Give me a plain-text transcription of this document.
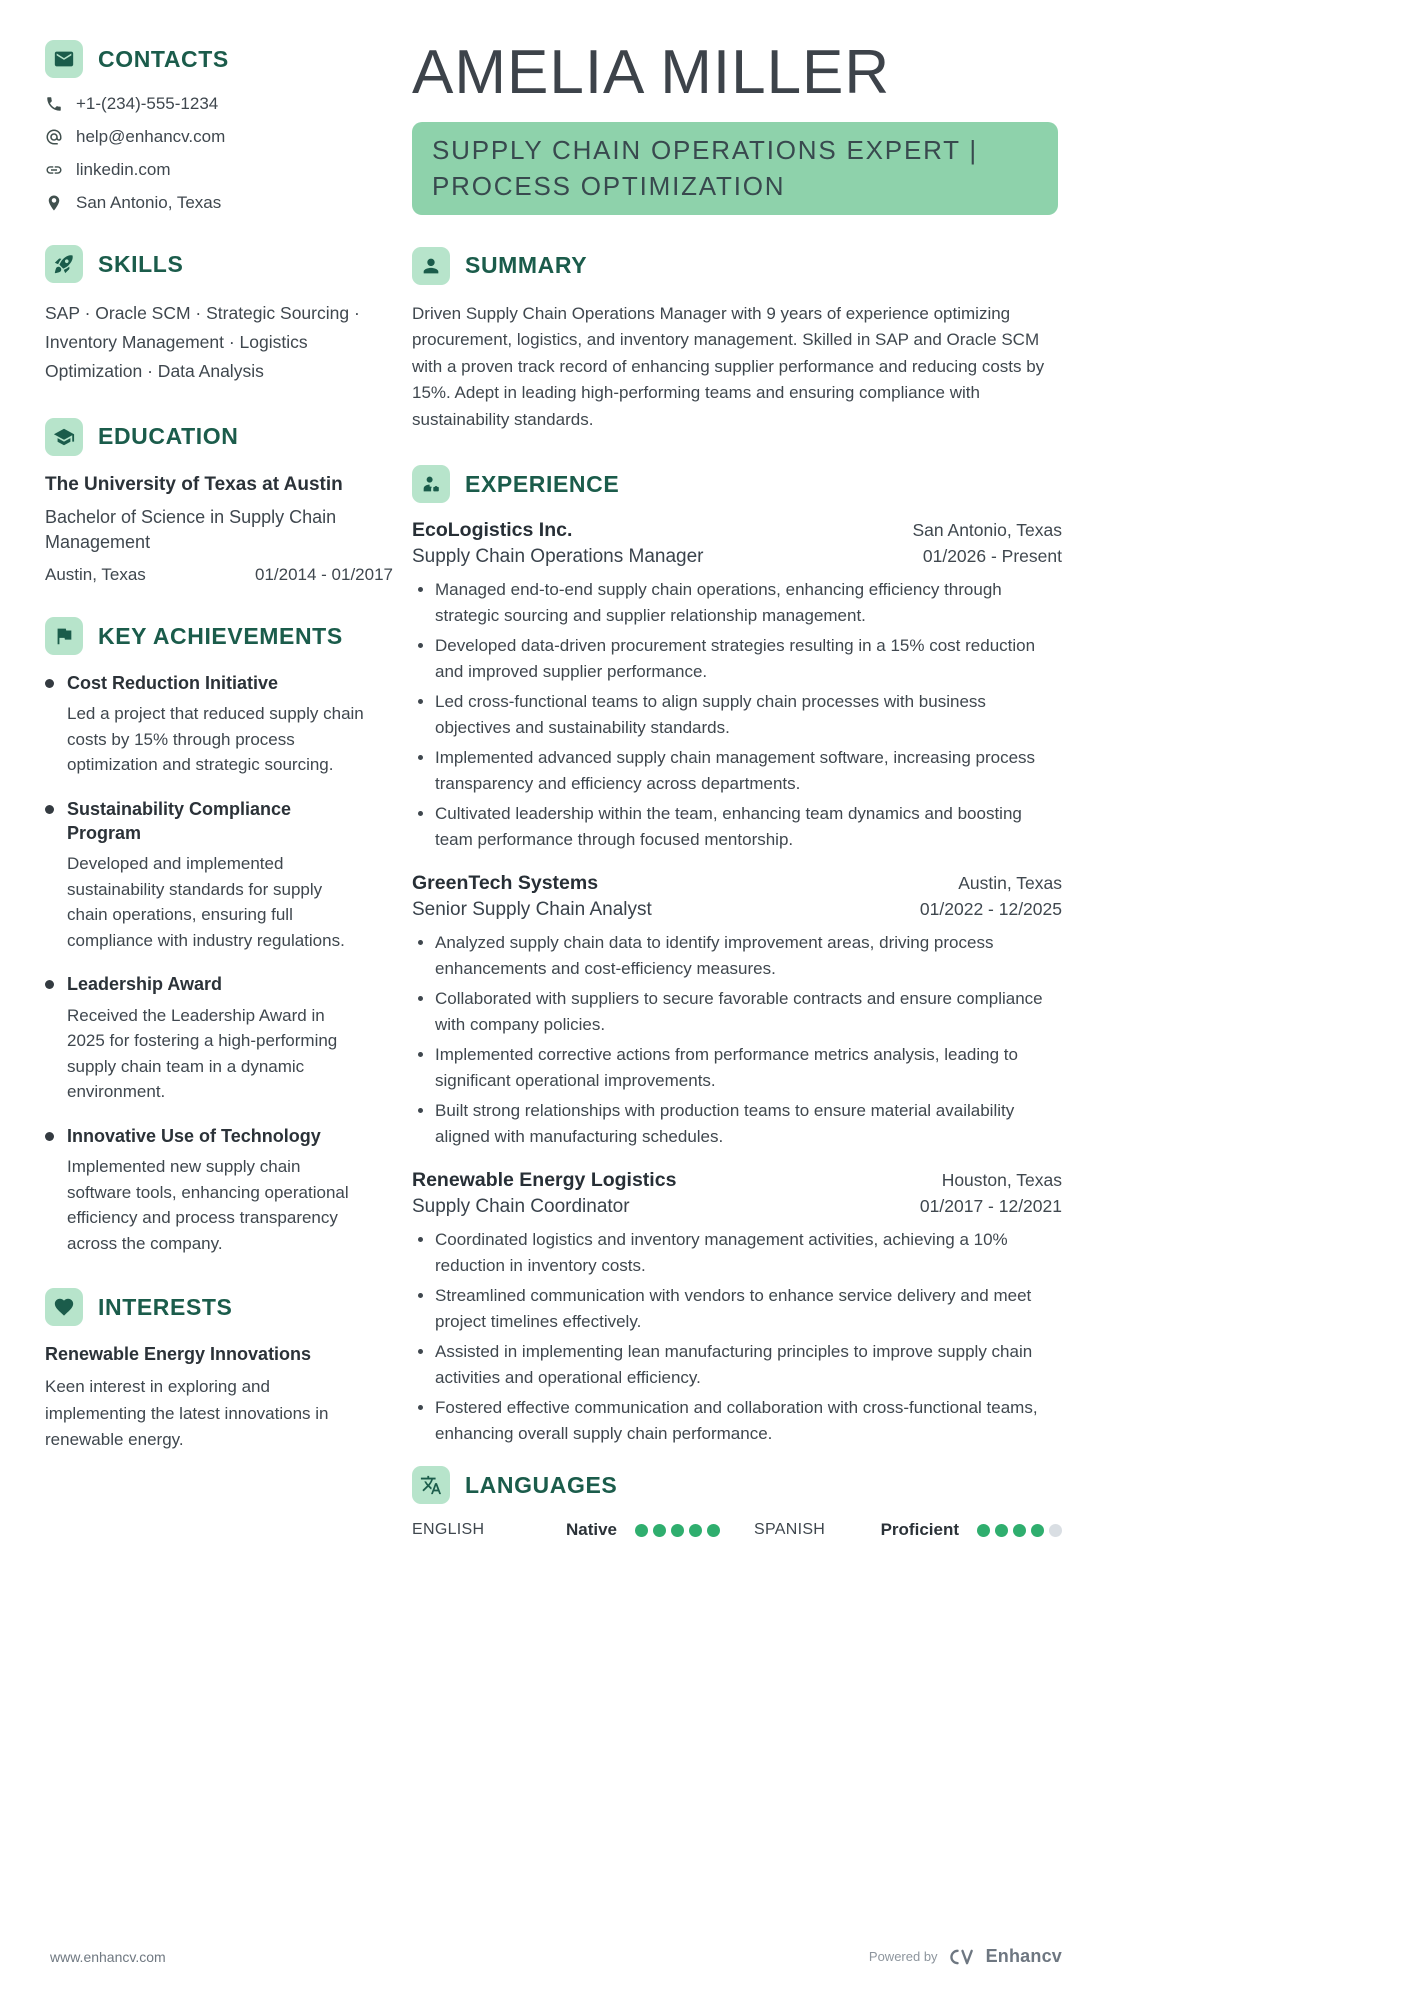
CONTACTS
+1-(234)-555-1234
help@enhancv.com
linkedin.com
San Antonio, Texas
SKILLS
SAP · Oracle SCM · Strategic Sourcing · Inventory Management · Logistics Optimization · Data Analysis
EDUCATION
The University of Texas at Austin
Bachelor of Science in Supply Chain Management
Austin, Texas	01/2014 - 01/2017
KEY ACHIEVEMENTS
Cost Reduction Initiative
Led a project that reduced supply chain costs by 15% through process optimization and strategic sourcing.
Sustainability Compliance Program
Developed and implemented sustainability standards for supply chain operations, ensuring full compliance with industry regulations.
Leadership Award
Received the Leadership Award in 2025 for fostering a high-performing supply chain team in a dynamic environment.
Innovative Use of Technology
Implemented new supply chain software tools, enhancing operational efficiency and process transparency across the company.
INTERESTS
Renewable Energy Innovations
Keen interest in exploring and implementing the latest innovations in renewable energy.
AMELIA MILLER
SUPPLY CHAIN OPERATIONS EXPERT | PROCESS OPTIMIZATION
SUMMARY
Driven Supply Chain Operations Manager with 9 years of experience optimizing procurement, logistics, and inventory management. Skilled in SAP and Oracle SCM with a proven track record of enhancing supplier performance and reducing costs by 15%. Adept in leading high-performing teams and ensuring compliance with sustainability standards.
EXPERIENCE
EcoLogistics Inc.	San Antonio, Texas
Supply Chain Operations Manager	01/2026 - Present
• Managed end-to-end supply chain operations, enhancing efficiency through strategic sourcing and supplier relationship management.
• Developed data-driven procurement strategies resulting in a 15% cost reduction and improved supplier performance.
• Led cross-functional teams to align supply chain processes with business objectives and sustainability standards.
• Implemented advanced supply chain management software, increasing process transparency and efficiency across departments.
• Cultivated leadership within the team, enhancing team dynamics and boosting team performance through focused mentorship.
GreenTech Systems	Austin, Texas
Senior Supply Chain Analyst	01/2022 - 12/2025
• Analyzed supply chain data to identify improvement areas, driving process enhancements and cost-efficiency measures.
• Collaborated with suppliers to secure favorable contracts and ensure compliance with company policies.
• Implemented corrective actions from performance metrics analysis, leading to significant operational improvements.
• Built strong relationships with production teams to ensure material availability aligned with manufacturing schedules.
Renewable Energy Logistics	Houston, Texas
Supply Chain Coordinator	01/2017 - 12/2021
• Coordinated logistics and inventory management activities, achieving a 10% reduction in inventory costs.
• Streamlined communication with vendors to enhance service delivery and meet project timelines effectively.
• Assisted in implementing lean manufacturing principles to improve supply chain activities and operational efficiency.
• Fostered effective communication and collaboration with cross-functional teams, enhancing overall supply chain performance.
LANGUAGES
ENGLISH	Native	SPANISH	Proficient
www.enhancv.com	Powered by	Enhancv
